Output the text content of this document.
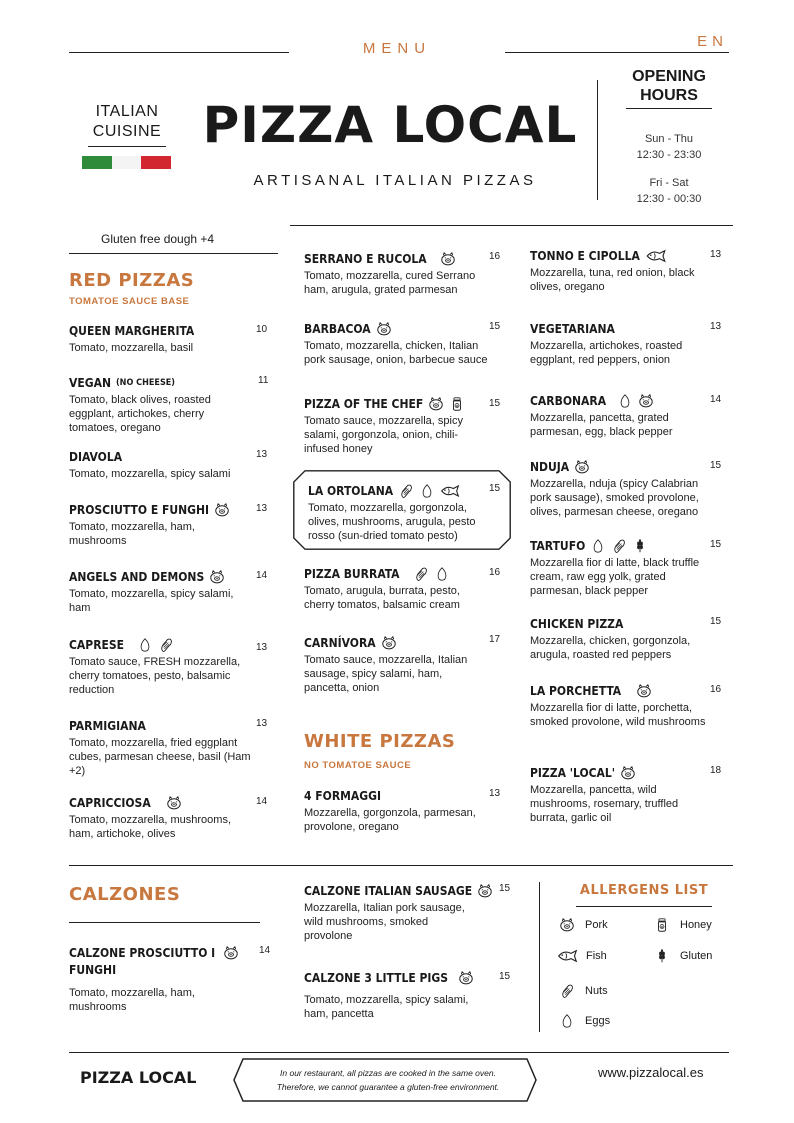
MENU	EN
ITALIAN CUISINE PIZZA LOCAL
ARTISANAL ITALIAN PIZZAS
OPENING HOURS
Sun - Thu
12:30 - 23:30
Fri - Sat
12:30 - 00:30
Gluten free dough +4
RED PIZZAS
TOMATOE SAUCE BASE
QUEEN MARGHERITA
Tomato, mozzarella, basil
10
VEGAN (NO CHEESE)
Tomato, black olives, roasted eggplant, artichokes, cherry tomatoes, oregano
11
DIAVOLA
Tomato, mozzarella, spicy salami
13
PROSCIUTTO E FUNGHI
Tomato, mozzarella, ham, mushrooms
13
ANGELS AND DEMONS
Tomato, mozzarella, spicy salami, ham
14
CAPRESE
Tomato sauce, FRESH mozzarella, cherry tomatoes, pesto, balsamic reduction
13
PARMIGIANA
Tomato, mozzarella, fried eggplant cubes, parmesan cheese, basil (Ham +2)
13
CAPRICCIOSA
Tomato, mozzarella, mushrooms, ham, artichoke, olives
14
SERRANO E RUCOLA
Tomato, mozzarella, cured Serrano ham, arugula, grated parmesan
16
BARBACOA
Tomato, mozzarella, chicken, Italian pork sausage, onion, barbecue sauce
15
PIZZA OF THE CHEF
Tomato sauce, mozzarella, spicy salami, gorgonzola, onion, chili-infused honey
15
LA ORTOLANA
Tomato, mozzarella, gorgonzola, olives, mushrooms, arugula, pesto rosso (sun-dried tomato pesto)
15
PIZZA BURRATA
Tomato, arugula, burrata, pesto, cherry tomatos, balsamic cream
16
CARNÍVORA
Tomato sauce, mozzarella, Italian sausage, spicy salami, ham, pancetta, onion
17
WHITE PIZZAS
NO TOMATOE SAUCE
4 FORMAGGI
Mozzarella, gorgonzola, parmesan, provolone, oregano
13
TONNO E CIPOLLA
Mozzarella, tuna, red onion, black olives, oregano
13
VEGETARIANA
Mozzarella, artichokes, roasted eggplant, red peppers, onion
13
CARBONARA
Mozzarella, pancetta, grated parmesan, egg, black pepper
14
NDUJA
Mozzarella, nduja (spicy Calabrian pork sausage), smoked provolone, olives, parmesan cheese, oregano
15
TARTUFO
Mozzarella fior di latte, black truffle cream, raw egg yolk, grated parmesan, black pepper
15
CHICKEN PIZZA
Mozzarella, chicken, gorgonzola, arugula, roasted red peppers
15
LA PORCHETTA
Mozzarella fior di latte, porchetta, smoked provolone, wild mushrooms
16
PIZZA 'LOCAL'
Mozzarella, pancetta, wild mushrooms, rosemary, truffled burrata, garlic oil
18
CALZONES
CALZONE PROSCIUTTO I FUNGHI
Tomato, mozzarella, ham, mushrooms
14
CALZONE ITALIAN SAUSAGE
Mozzarella, Italian pork sausage, wild mushrooms, smoked provolone
15
CALZONE 3 LITTLE PIGS
Tomato, mozzarella, spicy salami, ham, pancetta
15
ALLERGENS LIST
Pork	Honey
Fish	Gluten
Nuts
Eggs
PIZZA LOCAL	In our restaurant, all pizzas are cooked in the same oven.
Therefore, we cannot guarantee a gluten-free environment.
www.pizzalocal.es
